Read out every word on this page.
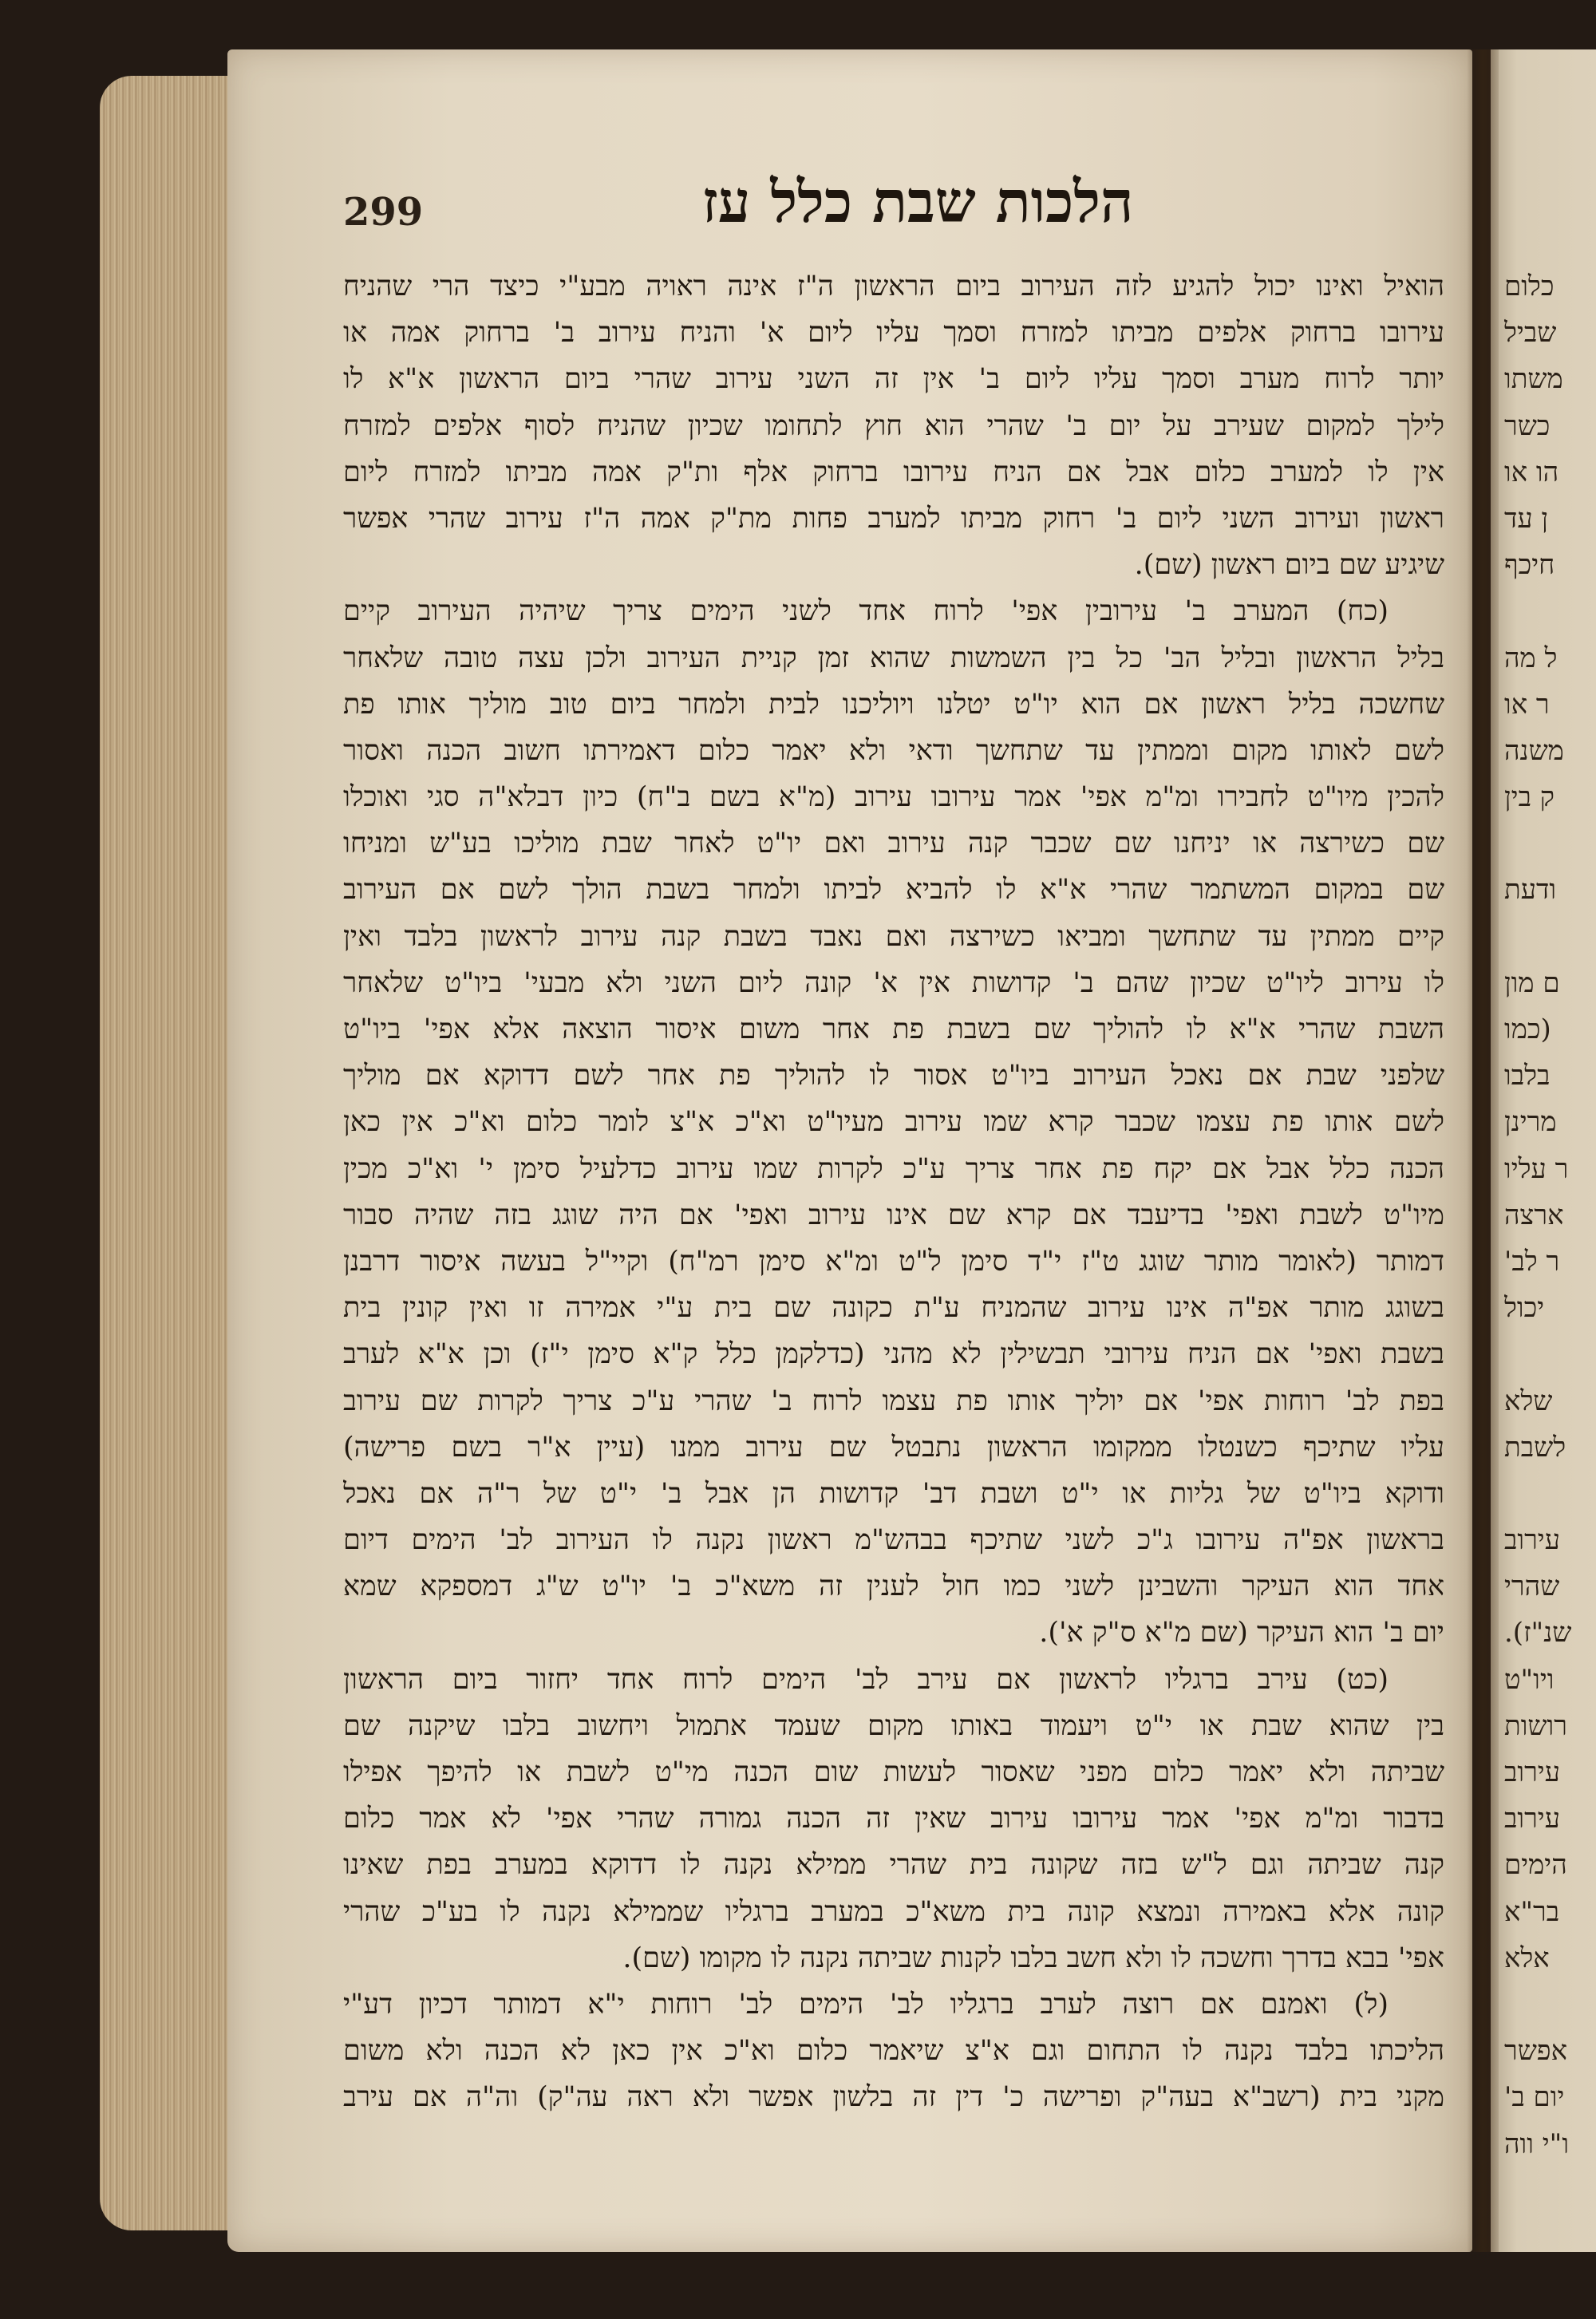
299	הלכות שבת כלל עז
הואיל ואינו יכול להגיע לזה העירוב ביום הראשון ה"ז אינה ראויה מבע"י כיצד הרי שהניח
עירובו ברחוק אלפים מביתו למזרח וסמך עליו ליום א' והניח עירוב ב' ברחוק אמה או
יותר לרוח מערב וסמך עליו ליום ב' אין זה השני עירוב שהרי ביום הראשון א"א לו
לילך למקום שעירב על יום ב' שהרי הוא חוץ לתחומו שכיון שהניח לסוף אלפים למזרח
אין לו למערב כלום אבל אם הניח עירובו ברחוק אלף ות"ק אמה מביתו למזרח ליום
ראשון ועירוב השני ליום ב' רחוק מביתו למערב פחות מת"ק אמה ה"ז עירוב שהרי אפשר
שיגיע שם ביום ראשון (שם).
(כח) המערב ב' עירובין אפי' לרוח אחד לשני הימים צריך שיהיה העירוב קיים
בליל הראשון ובליל הב' כל בין השמשות שהוא זמן קניית העירוב ולכן עצה טובה שלאחר
שחשכה בליל ראשון אם הוא יו"ט יטלנו ויוליכנו לבית ולמחר ביום טוב מוליך אותו פת
לשם לאותו מקום וממתין עד שתחשך ודאי ולא יאמר כלום דאמירתו חשוב הכנה ואסור
להכין מיו"ט לחבירו ומ"מ אפי' אמר עירובו עירוב (מ"א בשם ב"ח) כיון דבלא"ה סגי ואוכלו
שם כשירצה או יניחנו שם שכבר קנה עירוב ואם יו"ט לאחר שבת מוליכו בע"ש ומניחו
שם במקום המשתמר שהרי א"א לו להביא לביתו ולמחר בשבת הולך לשם אם העירוב
קיים ממתין עד שתחשך ומביאו כשירצה ואם נאבד בשבת קנה עירוב לראשון בלבד ואין
לו עירוב ליו"ט שכיון שהם ב' קדושות אין א' קונה ליום השני ולא מבעי' ביו"ט שלאחר
השבת שהרי א"א לו להוליך שם בשבת פת אחר משום איסור הוצאה אלא אפי' ביו"ט
שלפני שבת אם נאכל העירוב ביו"ט אסור לו להוליך פת אחר לשם דדוקא אם מוליך
לשם אותו פת עצמו שכבר קרא שמו עירוב מעיו"ט וא"כ א"צ לומר כלום וא"כ אין כאן
הכנה כלל אבל אם יקח פת אחר צריך ע"כ לקרות שמו עירוב כדלעיל סימן י' וא"כ מכין
מיו"ט לשבת ואפי' בדיעבד אם קרא שם אינו עירוב ואפי' אם היה שוגג בזה שהיה סבור
דמותר (לאומר מותר שוגג ט"ז י"ד סימן ל"ט ומ"א סימן רמ"ח) וקיי"ל בעשה איסור דרבנן
בשוגג מותר אפ"ה אינו עירוב שהמניח ע"ת כקונה שם בית ע"י אמירה זו ואין קונין בית
בשבת ואפי' אם הניח עירובי תבשילין לא מהני (כדלקמן כלל ק"א סימן י"ז) וכן א"א לערב
בפת לב' רוחות אפי' אם יוליך אותו פת עצמו לרוח ב' שהרי ע"כ צריך לקרות שם עירוב
עליו שתיכף כשנטלו ממקומו הראשון נתבטל שם עירוב ממנו (עיין א"ר בשם פרישה)
ודוקא ביו"ט של גליות או י"ט ושבת דב' קדושות הן אבל ב' י"ט של ר"ה אם נאכל
בראשון אפ"ה עירובו ג"כ לשני שתיכף בבהש"מ ראשון נקנה לו העירוב לב' הימים דיום
אחד הוא העיקר והשבינן לשני כמו חול לענין זה משא"כ ב' יו"ט ש"ג דמספקא שמא
יום ב' הוא העיקר (שם מ"א ס"ק א').
(כט) עירב ברגליו לראשון אם עירב לב' הימים לרוח אחד יחזור ביום הראשון
בין שהוא שבת או י"ט ויעמוד באותו מקום שעמד אתמול ויחשוב בלבו שיקנה שם
שביתה ולא יאמר כלום מפני שאסור לעשות שום הכנה מי"ט לשבת או להיפך אפילו
בדבור ומ"מ אפי' אמר עירובו עירוב שאין זה הכנה גמורה שהרי אפי' לא אמר כלום
קנה שביתה וגם ל"ש בזה שקונה בית שהרי ממילא נקנה לו דדוקא במערב בפת שאינו
קונה אלא באמירה ונמצא קונה בית משא"כ במערב ברגליו שממילא נקנה לו בע"כ שהרי
אפי' בבא בדרך וחשכה לו ולא חשב בלבו לקנות שביתה נקנה לו מקומו (שם).
(ל) ואמנם אם רוצה לערב ברגליו לב' הימים לב' רוחות י"א דמותר דכיון דע"י
הליכתו בלבד נקנה לו התחום וגם א"צ שיאמר כלום וא"כ אין כאן לא הכנה ולא משום
מקני בית (רשב"א בעה"ק ופרישה כ' דין זה בלשון אפשר ולא ראה עה"ק) וה"ה אם עירב
כלום
שביל
משתו
כשר
הו או
ן עד
חיכף
ל מה
ר או
משנה
ק בין
ודעת
ם מון
(כמו
בלבו
מרינן
ר עליו
ארצה
ר לב'
יכול
שלא
לשבת
עירוב
שהרי
שנ"ז).
ויו"ט
רושות
עירוב
עירוב
הימים
בר"א
אלא
אפשר
יום ב'
ו"י ווה
